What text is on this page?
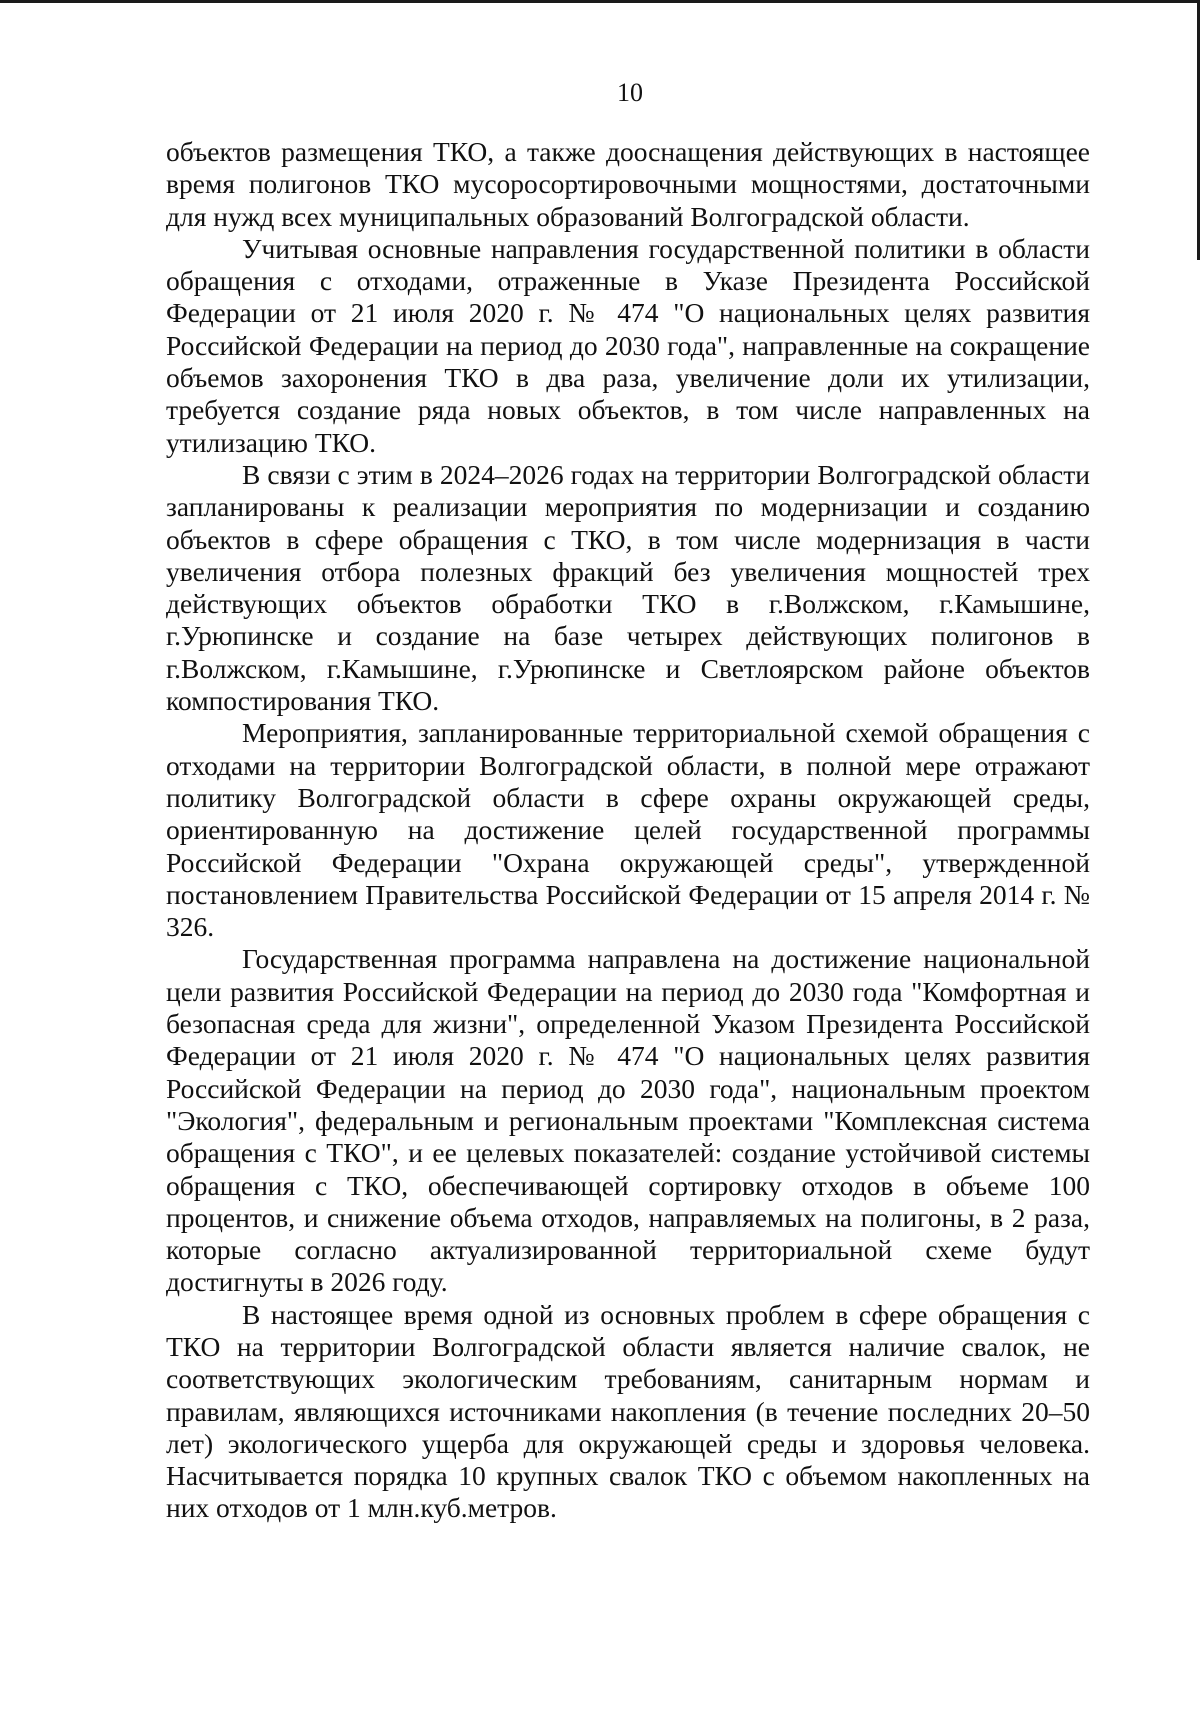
10

объектов размещения ТКО, а также дооснащения действующих в настоящее время полигонов ТКО мусоросортировочными мощностями, достаточными для нужд всех муниципальных образований Волгоградской области.

Учитывая основные направления государственной политики в области обращения с отходами, отраженные в Указе Президента Российской Федерации от 21 июля 2020 г. № 474 "О национальных целях развития Российской Федерации на период до 2030 года", направленные на сокращение объемов захоронения ТКО в два раза, увеличение доли их утилизации, требуется создание ряда новых объектов, в том числе направленных на утилизацию ТКО.

В связи с этим в 2024–2026 годах на территории Волгоградской области запланированы к реализации мероприятия по модернизации и созданию объектов в сфере обращения с ТКО, в том числе модернизация в части увеличения отбора полезных фракций без увеличения мощностей трех действующих объектов обработки ТКО в г.Волжском, г.Камышине, г.Урюпинске и создание на базе четырех действующих полигонов в г.Волжском, г.Камышине, г.Урюпинске и Светлоярском районе объектов компостирования ТКО.

Мероприятия, запланированные территориальной схемой обращения с отходами на территории Волгоградской области, в полной мере отражают политику Волгоградской области в сфере охраны окружающей среды, ориентированную на достижение целей государственной программы Российской Федерации "Охрана окружающей среды", утвержденной постановлением Правительства Российской Федерации от 15 апреля 2014 г. № 326.

Государственная программа направлена на достижение национальной цели развития Российской Федерации на период до 2030 года "Комфортная и безопасная среда для жизни", определенной Указом Президента Российской Федерации от 21 июля 2020 г. № 474 "О национальных целях развития Российской Федерации на период до 2030 года", национальным проектом "Экология", федеральным и региональным проектами "Комплексная система обращения с ТКО", и ее целевых показателей: создание устойчивой системы обращения с ТКО, обеспечивающей сортировку отходов в объеме 100 процентов, и снижение объема отходов, направляемых на полигоны, в 2 раза, которые согласно актуализированной территориальной схеме будут достигнуты в 2026 году.

В настоящее время одной из основных проблем в сфере обращения с ТКО на территории Волгоградской области является наличие свалок, не соответствующих экологическим требованиям, санитарным нормам и правилам, являющихся источниками накопления (в течение последних 20–50 лет) экологического ущерба для окружающей среды и здоровья человека. Насчитывается порядка 10 крупных свалок ТКО с объемом накопленных на них отходов от 1 млн.куб.метров.
